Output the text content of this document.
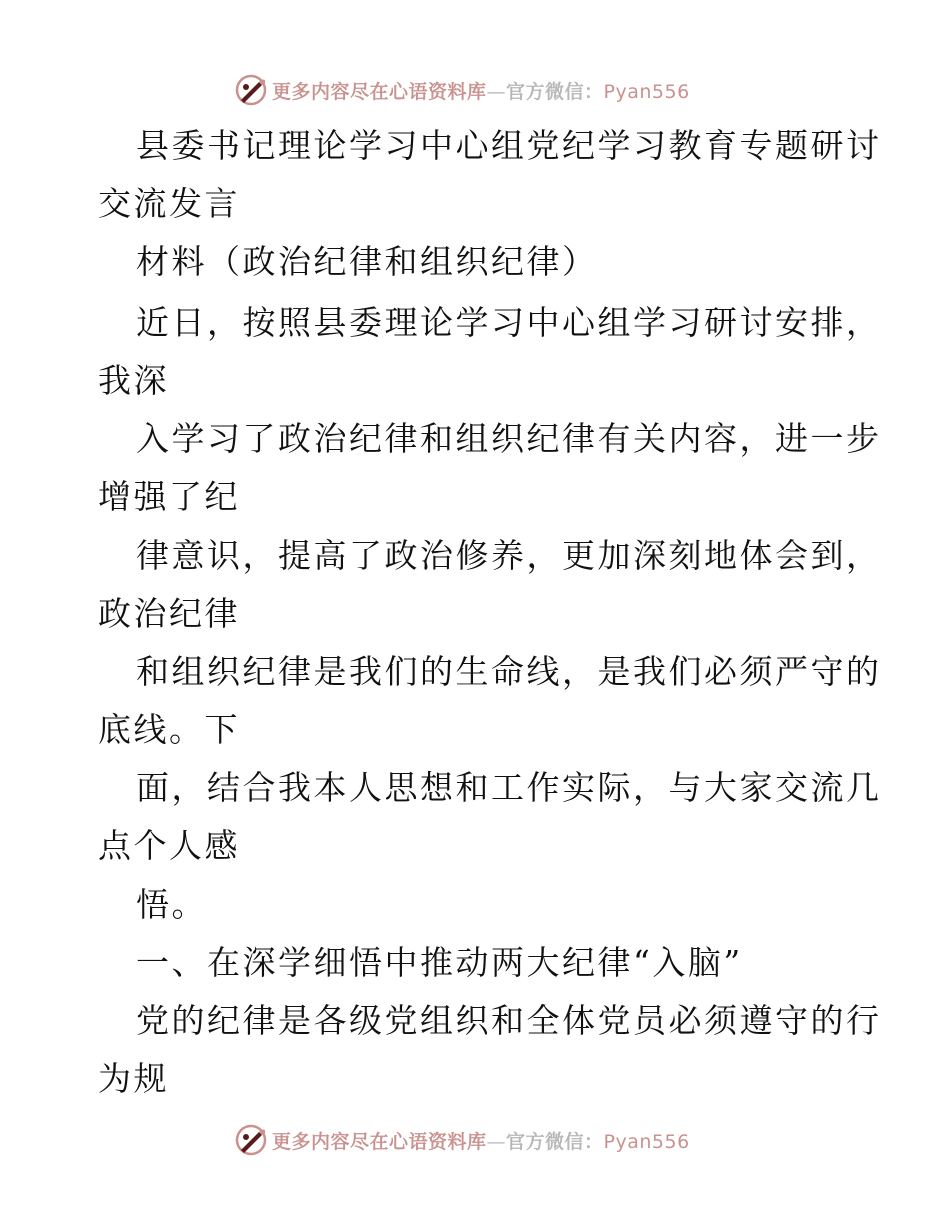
更多内容尽在心语资料库—官方微信：Pyan556
县委书记理论学习中心组党纪学习教育专题研讨
交流发言
材料（政治纪律和组织纪律）
近日，按照县委理论学习中心组学习研讨安排，
我深
入学习了政治纪律和组织纪律有关内容，进一步
增强了纪
律意识，提高了政治修养，更加深刻地体会到，
政治纪律
和组织纪律是我们的生命线，是我们必须严守的
底线。下
面，结合我本人思想和工作实际，与大家交流几
点个人感
悟。
一、在深学细悟中推动两大纪律“入脑”
党的纪律是各级党组织和全体党员必须遵守的行
为规
更多内容尽在心语资料库—官方微信：Pyan556
